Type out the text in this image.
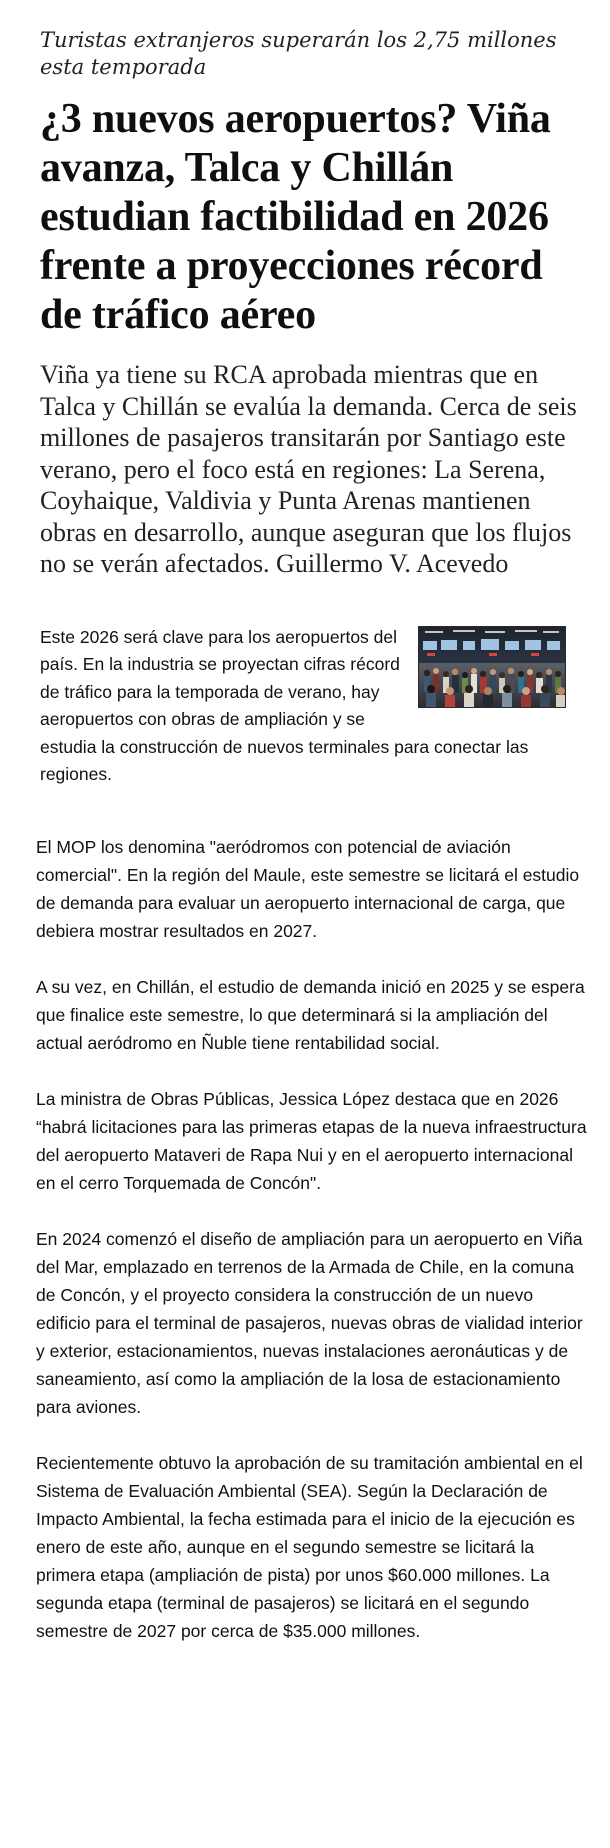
Turistas extranjeros superarán los 2,75 millones esta temporada

¿3 nuevos aeropuertos? Viña avanza, Talca y Chillán estudian factibilidad en 2026 frente a proyecciones récord de tráfico aéreo

Viña ya tiene su RCA aprobada mientras que en Talca y Chillán se evalúa la demanda. Cerca de seis millones de pasajeros transitarán por Santiago este verano, pero el foco está en regiones: La Serena, Coyhaique, Valdivia y Punta Arenas mantienen obras en desarrollo, aunque aseguran que los flujos no se verán afectados. Guillermo V. Acevedo

Este 2026 será clave para los aeropuertos del país. En la industria se proyectan cifras récord de tráfico para la temporada de verano, hay aeropuertos con obras de ampliación y se estudia la construcción de nuevos terminales para conectar las regiones.

El MOP los denomina "aeródromos con potencial de aviación comercial". En la región del Maule, este semestre se licitará el estudio de demanda para evaluar un aeropuerto internacional de carga, que debiera mostrar resultados en 2027.

A su vez, en Chillán, el estudio de demanda inició en 2025 y se espera que finalice este semestre, lo que determinará si la ampliación del actual aeródromo en Ñuble tiene rentabilidad social.

La ministra de Obras Públicas, Jessica López destaca que en 2026 “habrá licitaciones para las primeras etapas de la nueva infraestructura del aeropuerto Mataveri de Rapa Nui y en el aeropuerto internacional en el cerro Torquemada de Concón".

En 2024 comenzó el diseño de ampliación para un aeropuerto en Viña del Mar, emplazado en terrenos de la Armada de Chile, en la comuna de Concón, y el proyecto considera la construcción de un nuevo edificio para el terminal de pasajeros, nuevas obras de vialidad interior y exterior, estacionamientos, nuevas instalaciones aeronáuticas y de saneamiento, así como la ampliación de la losa de estacionamiento para aviones.

Recientemente obtuvo la aprobación de su tramitación ambiental en el Sistema de Evaluación Ambiental (SEA). Según la Declaración de Impacto Ambiental, la fecha estimada para el inicio de la ejecución es enero de este año, aunque en el segundo semestre se licitará la primera etapa (ampliación de pista) por unos $60.000 millones. La segunda etapa (terminal de pasajeros) se licitará en el segundo semestre de 2027 por cerca de $35.000 millones.
